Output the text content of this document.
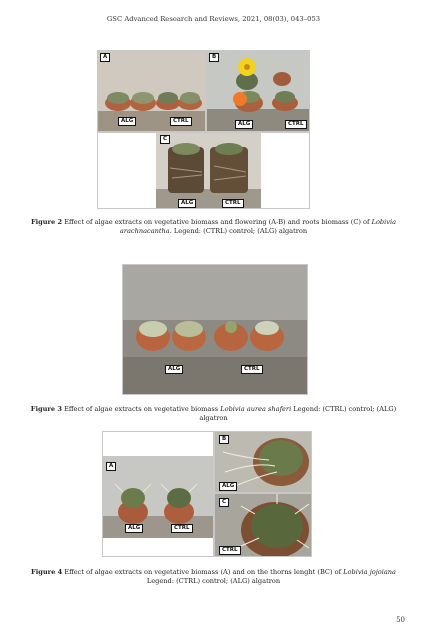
GSC Advanced Research and Reviews, 2021, 08(03), 043–053
A
ALG	CTRL
B
ALG	CTRL
C
ALG	CTRL
Figure 2 Effect of algae extracts on vegetative biomass and flowering (A-B) and roots biomass (C) of Lobivia arachnacantha. Legend: (CTRL) control; (ALG) algatron
ALG	CTRL
Figure 3 Effect of algae extracts on vegetative biomass Lobivia aurea shaferi Legend: (CTRL) control; (ALG) algatron
A
ALG	CTRL
B
ALG
C
CTRL
Figure 4 Effect of algae extracts on vegetative biomass (A) and on the thorns lenght (BC) of Lobivia jojoiana Legend: (CTRL) control; (ALG) algatron
50
